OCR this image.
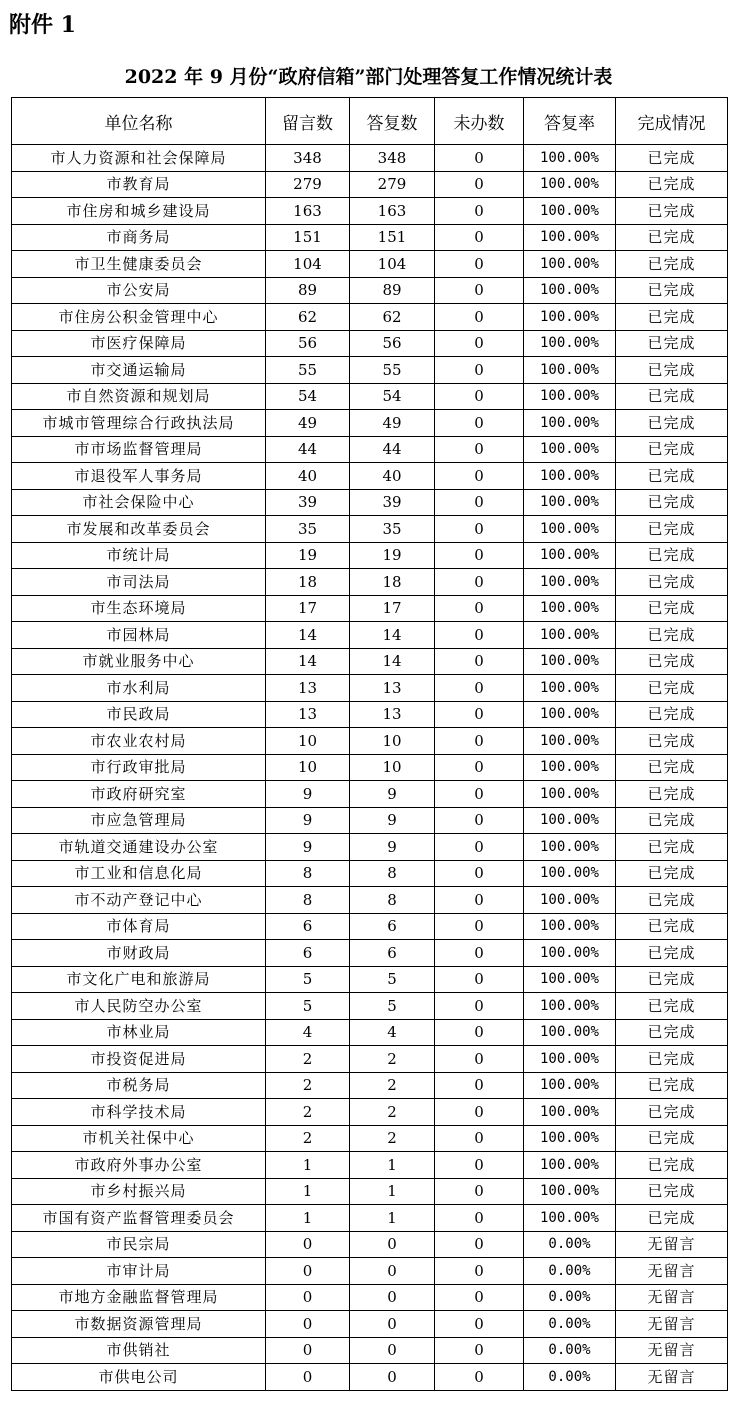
附件 1
2022 年 9 月份“政府信箱”部门处理答复工作情况统计表
单位名称	留言数	答复数	未办数	答复率	完成情况
市人力资源和社会保障局	348	348	0	100.00%	已完成
市教育局	279	279	0	100.00%	已完成
市住房和城乡建设局	163	163	0	100.00%	已完成
市商务局	151	151	0	100.00%	已完成
市卫生健康委员会	104	104	0	100.00%	已完成
市公安局	89	89	0	100.00%	已完成
市住房公积金管理中心	62	62	0	100.00%	已完成
市医疗保障局	56	56	0	100.00%	已完成
市交通运输局	55	55	0	100.00%	已完成
市自然资源和规划局	54	54	0	100.00%	已完成
市城市管理综合行政执法局	49	49	0	100.00%	已完成
市市场监督管理局	44	44	0	100.00%	已完成
市退役军人事务局	40	40	0	100.00%	已完成
市社会保险中心	39	39	0	100.00%	已完成
市发展和改革委员会	35	35	0	100.00%	已完成
市统计局	19	19	0	100.00%	已完成
市司法局	18	18	0	100.00%	已完成
市生态环境局	17	17	0	100.00%	已完成
市园林局	14	14	0	100.00%	已完成
市就业服务中心	14	14	0	100.00%	已完成
市水利局	13	13	0	100.00%	已完成
市民政局	13	13	0	100.00%	已完成
市农业农村局	10	10	0	100.00%	已完成
市行政审批局	10	10	0	100.00%	已完成
市政府研究室	9	9	0	100.00%	已完成
市应急管理局	9	9	0	100.00%	已完成
市轨道交通建设办公室	9	9	0	100.00%	已完成
市工业和信息化局	8	8	0	100.00%	已完成
市不动产登记中心	8	8	0	100.00%	已完成
市体育局	6	6	0	100.00%	已完成
市财政局	6	6	0	100.00%	已完成
市文化广电和旅游局	5	5	0	100.00%	已完成
市人民防空办公室	5	5	0	100.00%	已完成
市林业局	4	4	0	100.00%	已完成
市投资促进局	2	2	0	100.00%	已完成
市税务局	2	2	0	100.00%	已完成
市科学技术局	2	2	0	100.00%	已完成
市机关社保中心	2	2	0	100.00%	已完成
市政府外事办公室	1	1	0	100.00%	已完成
市乡村振兴局	1	1	0	100.00%	已完成
市国有资产监督管理委员会	1	1	0	100.00%	已完成
市民宗局	0	0	0	0.00%	无留言
市审计局	0	0	0	0.00%	无留言
市地方金融监督管理局	0	0	0	0.00%	无留言
市数据资源管理局	0	0	0	0.00%	无留言
市供销社	0	0	0	0.00%	无留言
市供电公司	0	0	0	0.00%	无留言
